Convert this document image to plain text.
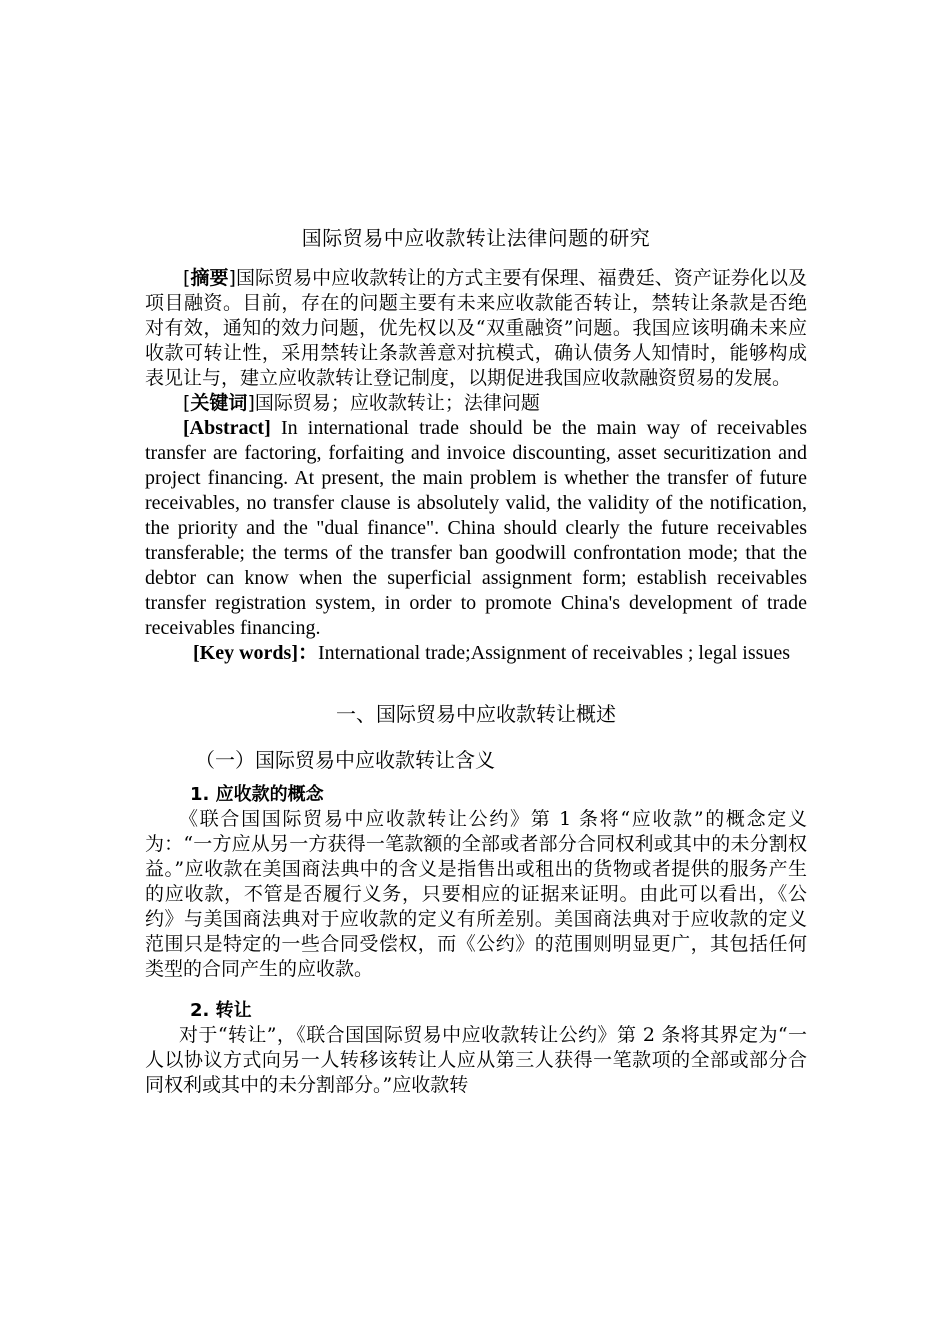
国际贸易中应收款转让法律问题的研究

[摘要]国际贸易中应收款转让的方式主要有保理、福费廷、资产证券化以及项目融资。目前，存在的问题主要有未来应收款能否转让，禁转让条款是否绝对有效，通知的效力问题，优先权以及“双重融资”问题。我国应该明确未来应收款可转让性，采用禁转让条款善意对抗模式，确认债务人知情时，能够构成表见让与，建立应收款转让登记制度，以期促进我国应收款融资贸易的发展。

[关键词]国际贸易；应收款转让；法律问题

[Abstract] In international trade should be the main way of receivables transfer are factoring, forfaiting and invoice discounting, asset securitization and project financing. At present, the main problem is whether the transfer of future receivables, no transfer clause is absolutely valid, the validity of the notification, the priority and the "dual finance". China should clearly the future receivables transferable; the terms of the transfer ban goodwill confrontation mode; that the debtor can know when the superficial assignment form; establish receivables transfer registration system, in order to promote China's development of trade receivables financing.

[Key words]：International trade;Assignment of receivables ; legal issues

一、国际贸易中应收款转让概述
（一）国际贸易中应收款转让含义
1. 应收款的概念

《联合国国际贸易中应收款转让公约》第 1 条将“应收款”的概念定义为：“一方应从另一方获得一笔款额的全部或者部分合同权利或其中的未分割权益。”应收款在美国商法典中的含义是指售出或租出的货物或者提供的服务产生的应收款，不管是否履行义务，只要相应的证据来证明。由此可以看出，《公约》与美国商法典对于应收款的定义有所差别。美国商法典对于应收款的定义范围只是特定的一些合同受偿权，而《公约》的范围则明显更广，其包括任何类型的合同产生的应收款。

2. 转让

对于“转让”，《联合国国际贸易中应收款转让公约》第 2 条将其界定为“一人以协议方式向另一人转移该转让人应从第三人获得一笔款项的全部或部分合同权利或其中的未分割部分。”应收款转
